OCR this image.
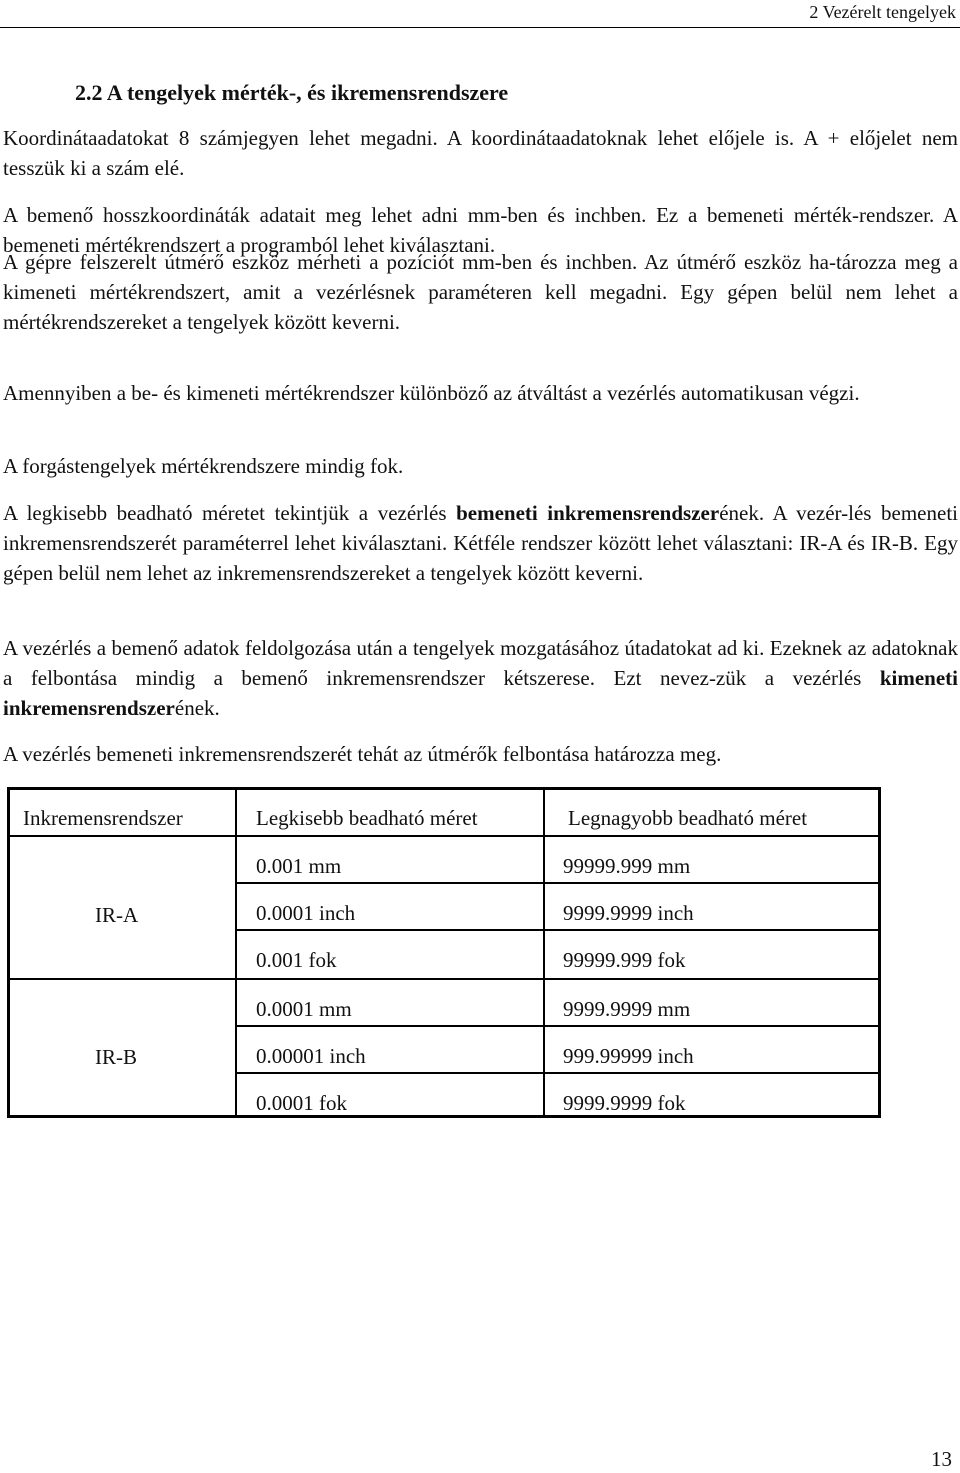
2 Vezérelt tengelyek
2.2 A tengelyek mérték-, és ikremensrendszere

Koordinátaadatokat 8 számjegyen lehet megadni. A koordinátaadatoknak lehet előjele is. A + előjelet nem tesszük ki a szám elé.

A bemenő hosszkoordináták adatait meg lehet adni mm-ben és inchben. Ez a bemeneti mérték-rendszer. A bemeneti mértékrendszert a programból lehet kiválasztani.

A gépre felszerelt útmérő eszköz mérheti a pozíciót mm-ben és inchben. Az útmérő eszköz ha-tározza meg a kimeneti mértékrendszert, amit a vezérlésnek paraméteren kell megadni. Egy gépen belül nem lehet a mértékrendszereket a tengelyek között keverni.

Amennyiben a be- és kimeneti mértékrendszer különböző az átváltást a vezérlés automatikusan végzi.

A forgástengelyek mértékrendszere mindig fok.

A legkisebb beadható méretet tekintjük a vezérlés bemeneti inkremensrendszerének. A vezér-lés bemeneti inkremensrendszerét paraméterrel lehet kiválasztani. Kétféle rendszer között lehet választani: IR-A és IR-B. Egy gépen belül nem lehet az inkremensrendszereket a tengelyek között keverni.

A vezérlés a bemenő adatok feldolgozása után a tengelyek mozgatásához útadatokat ad ki. Ezeknek az adatoknak a felbontása mindig a bemenő inkremensrendszer kétszerese. Ezt nevez-zük a vezérlés kimeneti inkremensrendszerének.

A vezérlés bemeneti inkremensrendszerét tehát az útmérők felbontása határozza meg.

Inkremensrendszer	Legkisebb beadható méret	Legnagyobb beadható méret
IR-A
0.001 mm	99999.999 mm
0.0001 inch	9999.9999 inch
0.001 fok	99999.999 fok
IR-B
0.0001 mm	9999.9999 mm
0.00001 inch	999.99999 inch
0.0001 fok	9999.9999 fok
13
